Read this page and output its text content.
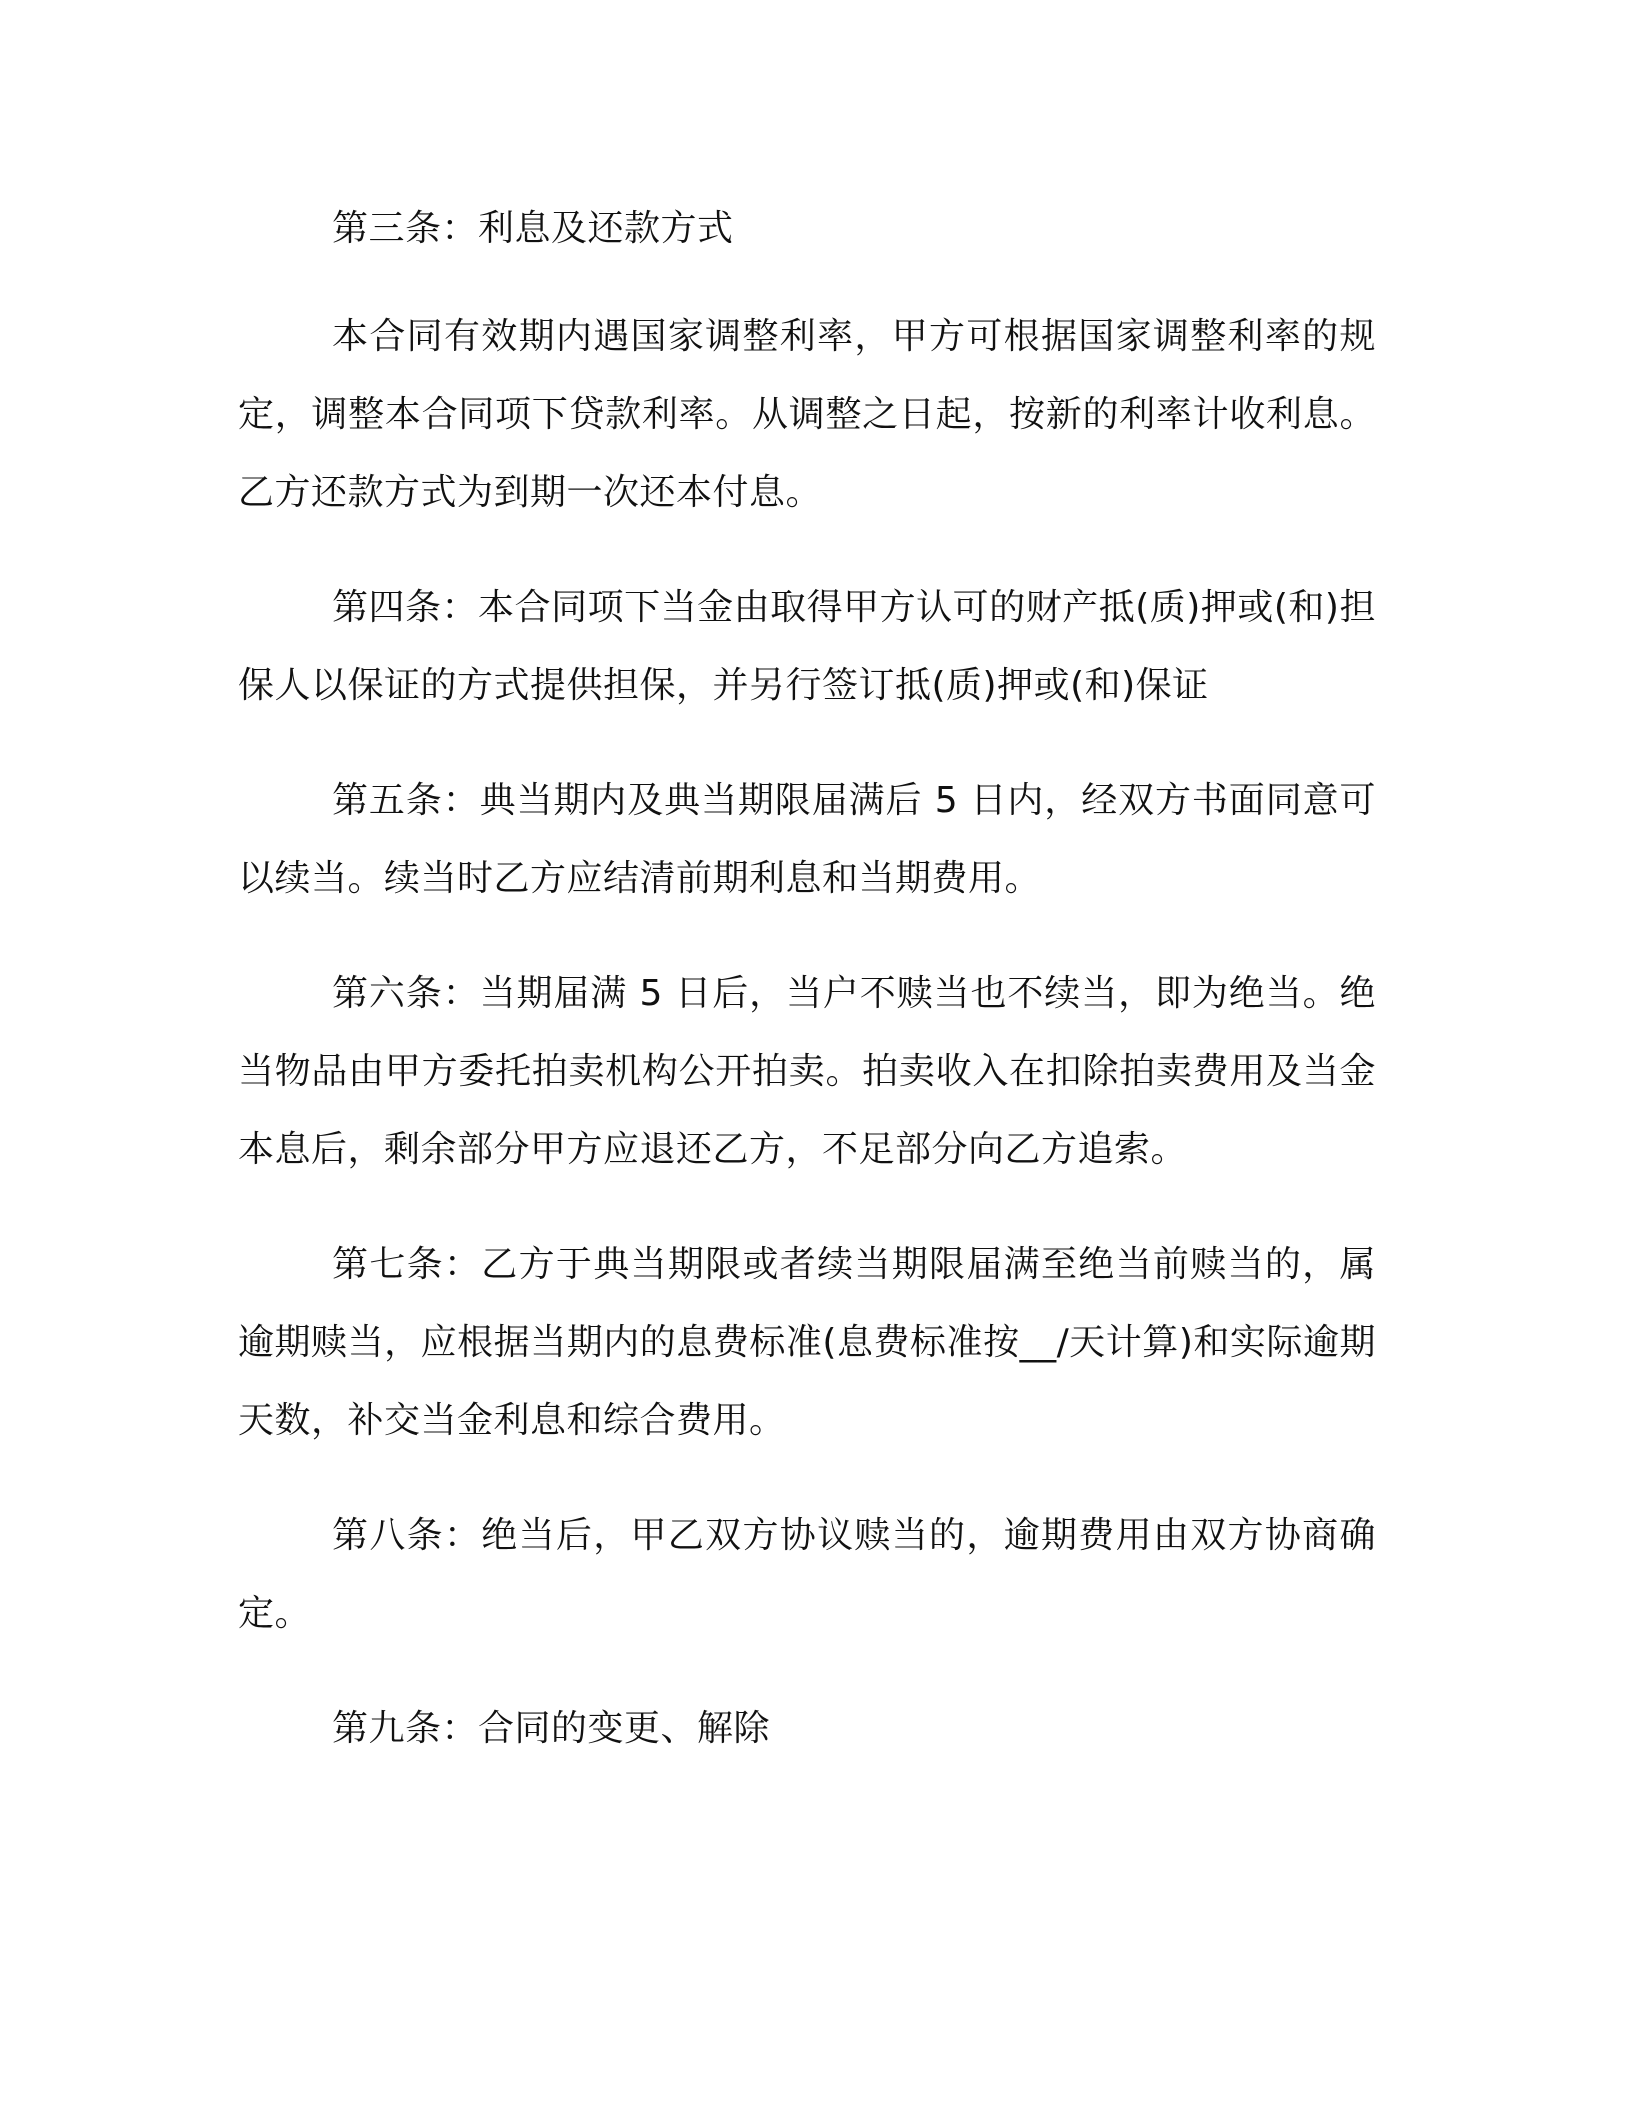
第三条：利息及还款方式

本合同有效期内遇国家调整利率，甲方可根据国家调整利率的规定，调整本合同项下贷款利率。从调整之日起，按新的利率计收利息。乙方还款方式为到期一次还本付息。

第四条：本合同项下当金由取得甲方认可的财产抵(质)押或(和)担保人以保证的方式提供担保，并另行签订抵(质)押或(和)保证

第五条：典当期内及典当期限届满后 5 日内，经双方书面同意可以续当。续当时乙方应结清前期利息和当期费用。

第六条：当期届满 5 日后，当户不赎当也不续当，即为绝当。绝当物品由甲方委托拍卖机构公开拍卖。拍卖收入在扣除拍卖费用及当金本息后，剩余部分甲方应退还乙方，不足部分向乙方追索。

第七条：乙方于典当期限或者续当期限届满至绝当前赎当的，属逾期赎当，应根据当期内的息费标准(息费标准按__/天计算)和实际逾期天数，补交当金利息和综合费用。

第八条：绝当后，甲乙双方协议赎当的，逾期费用由双方协商确定。

第九条：合同的变更、解除
